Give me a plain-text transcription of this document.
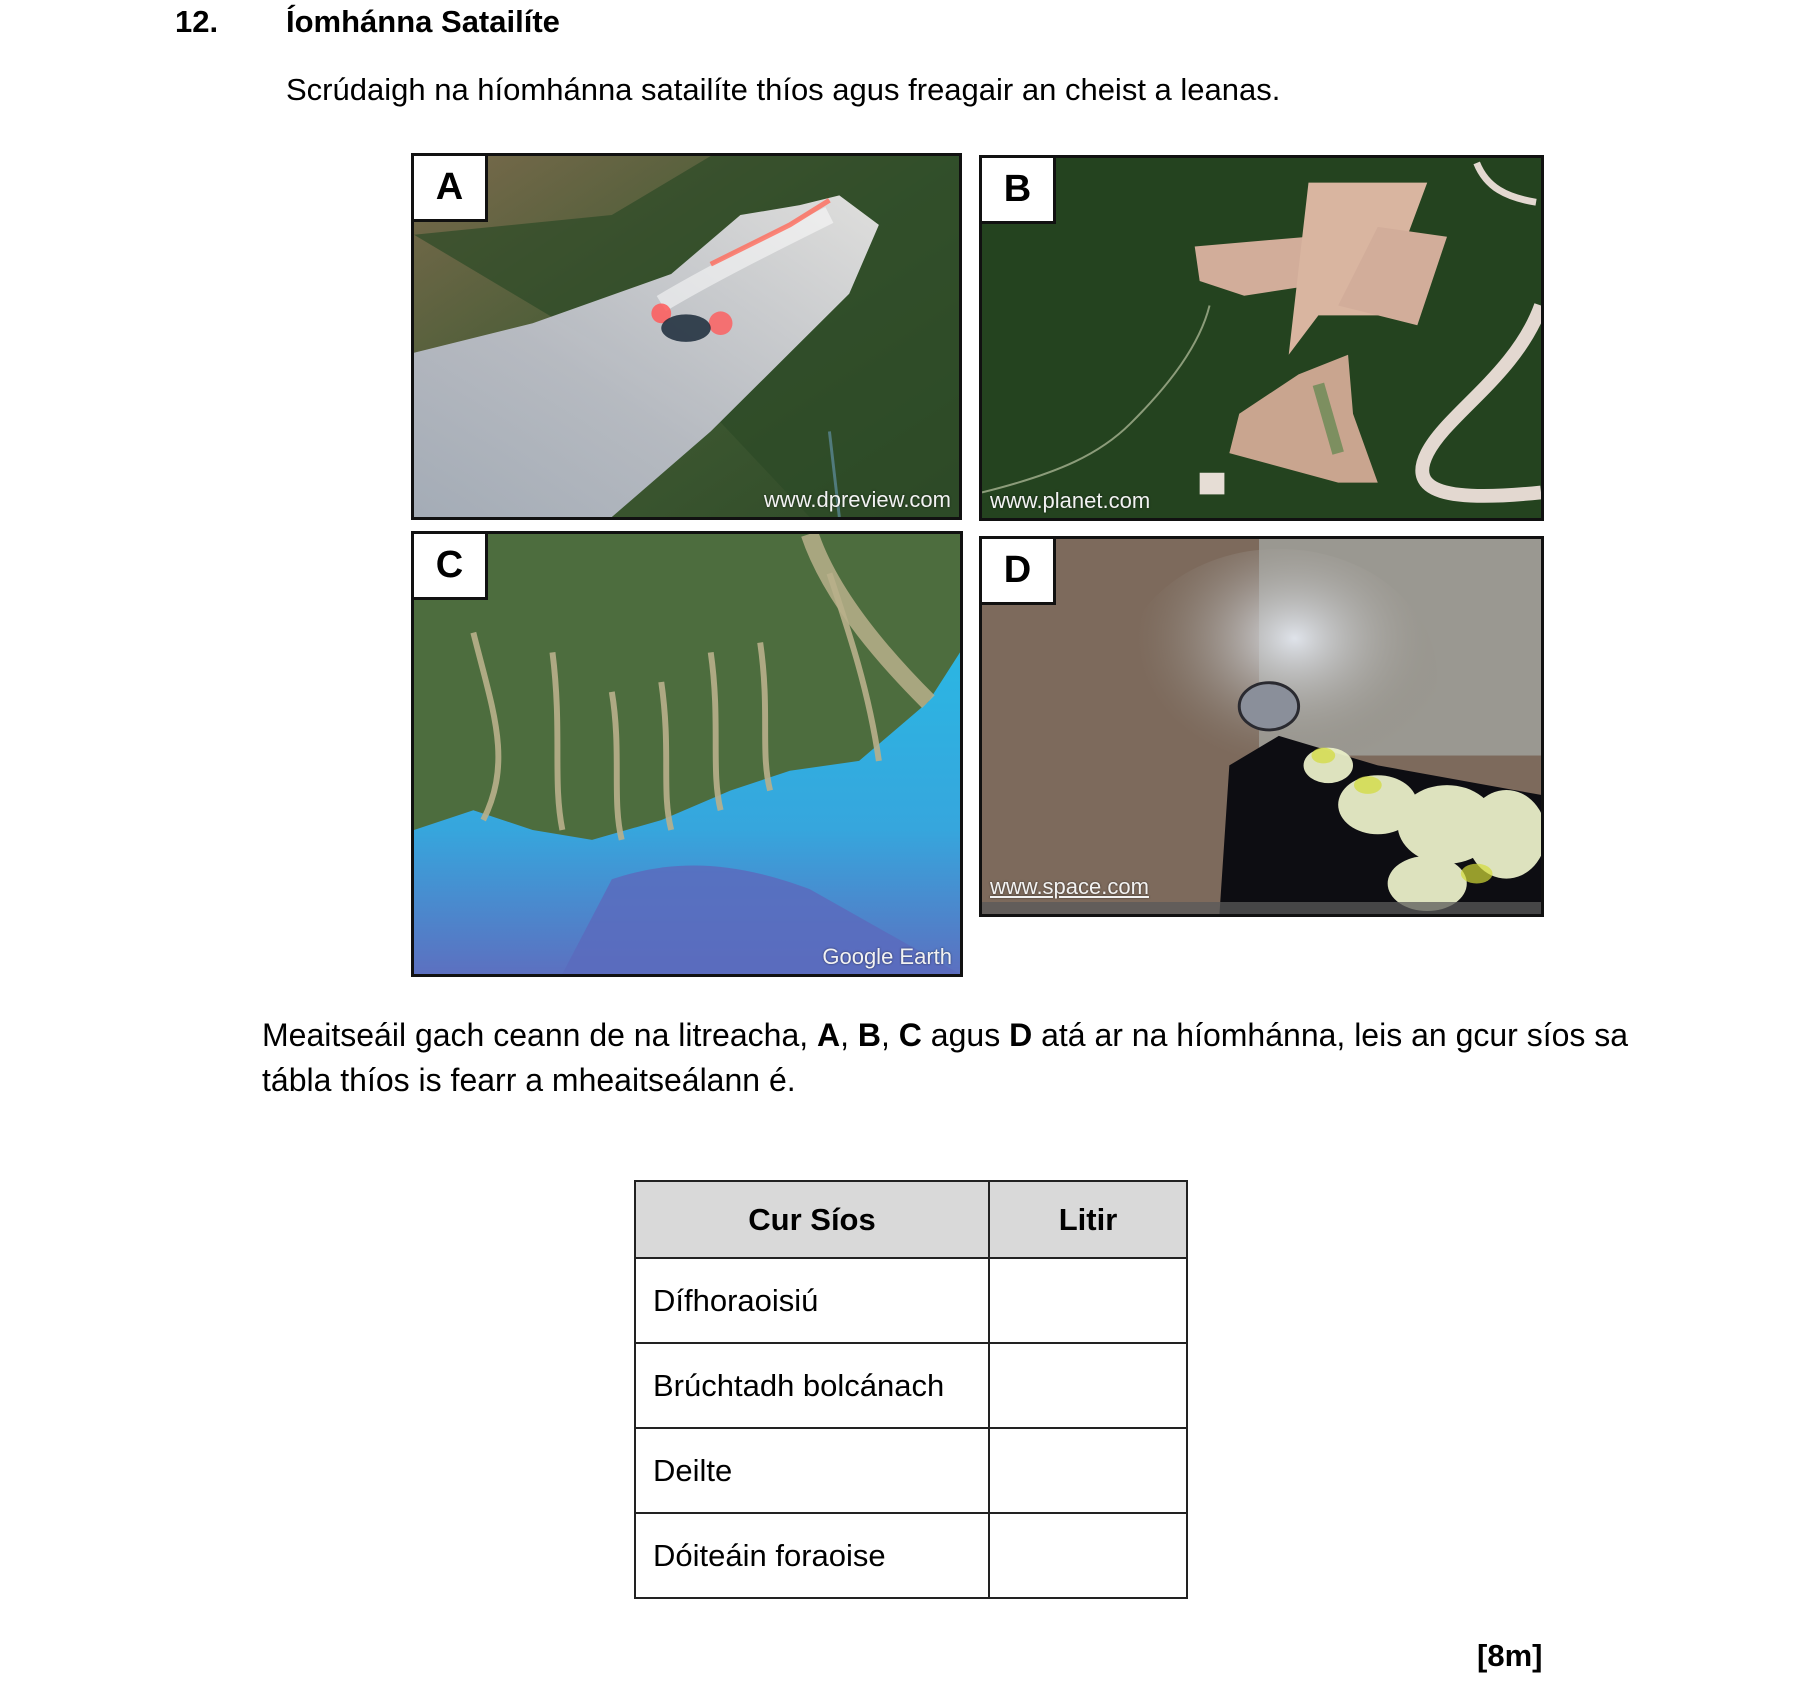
12. Íomhánna Satailíte
Scrúdaigh na híomhánna satailíte thíos agus freagair an cheist a leanas.
A
www.dpreview.com
B
www.planet.com
C
Google Earth
D
www.space.com
Meaitseáil gach ceann de na litreacha, A, B, C agus D atá ar na híomhánna, leis an gcur síos sa tábla thíos is fearr a mheaitseálann é.
Cur Síos	Litir
Dífhoraoisiú	
Brúchtadh bolcánach	
Deilte	
Dóiteáin foraoise	
[8m]
